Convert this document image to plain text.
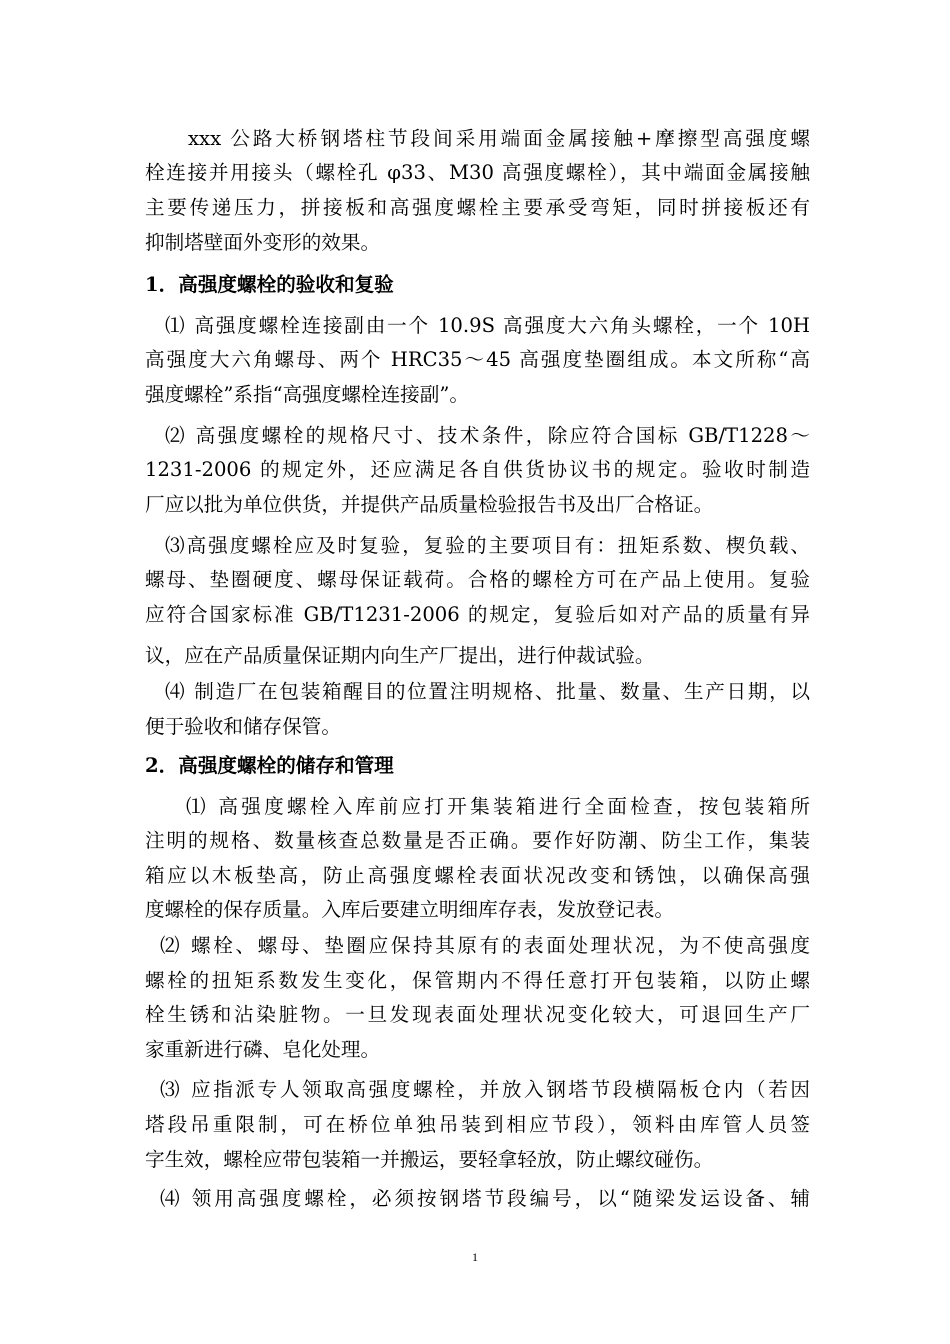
xxx 公路大桥钢塔柱节段间采用端面金属接触+摩擦型高强度螺
栓连接并用接头（螺栓孔 φ33、M30 高强度螺栓），其中端面金属接触
主要传递压力，拼接板和高强度螺栓主要承受弯矩，同时拼接板还有
抑制塔壁面外变形的效果。
1．高强度螺栓的验收和复验
⑴ 高强度螺栓连接副由一个 10.9S 高强度大六角头螺栓，一个 10H
高强度大六角螺母、两个 HRC35～45 高强度垫圈组成。本文所称“高
强度螺栓”系指“高强度螺栓连接副”。
⑵ 高强度螺栓的规格尺寸、技术条件，除应符合国标 GB/T1228～
1231-2006 的规定外，还应满足各自供货协议书的规定。验收时制造
厂应以批为单位供货，并提供产品质量检验报告书及出厂合格证。
⑶高强度螺栓应及时复验，复验的主要项目有：扭矩系数、楔负载、
螺母、垫圈硬度、螺母保证载荷。合格的螺栓方可在产品上使用。复验
应符合国家标准 GB/T1231-2006 的规定，复验后如对产品的质量有异
议，应在产品质量保证期内向生产厂提出，进行仲裁试验。
⑷ 制造厂在包装箱醒目的位置注明规格、批量、数量、生产日期，以
便于验收和储存保管。
2．高强度螺栓的储存和管理
⑴ 高强度螺栓入库前应打开集装箱进行全面检查，按包装箱所
注明的规格、数量核查总数量是否正确。要作好防潮、防尘工作，集装
箱应以木板垫高，防止高强度螺栓表面状况改变和锈蚀，以确保高强
度螺栓的保存质量。入库后要建立明细库存表，发放登记表。
⑵ 螺栓、螺母、垫圈应保持其原有的表面处理状况，为不使高强度
螺栓的扭矩系数发生变化，保管期内不得任意打开包装箱，以防止螺
栓生锈和沾染脏物。一旦发现表面处理状况变化较大，可退回生产厂
家重新进行磷、皂化处理。
⑶ 应指派专人领取高强度螺栓，并放入钢塔节段横隔板仓内（若因
塔段吊重限制，可在桥位单独吊装到相应节段），领料由库管人员签
字生效，螺栓应带包装箱一并搬运，要轻拿轻放，防止螺纹碰伤。
⑷ 领用高强度螺栓，必须按钢塔节段编号，以“随梁发运设备、辅
1
